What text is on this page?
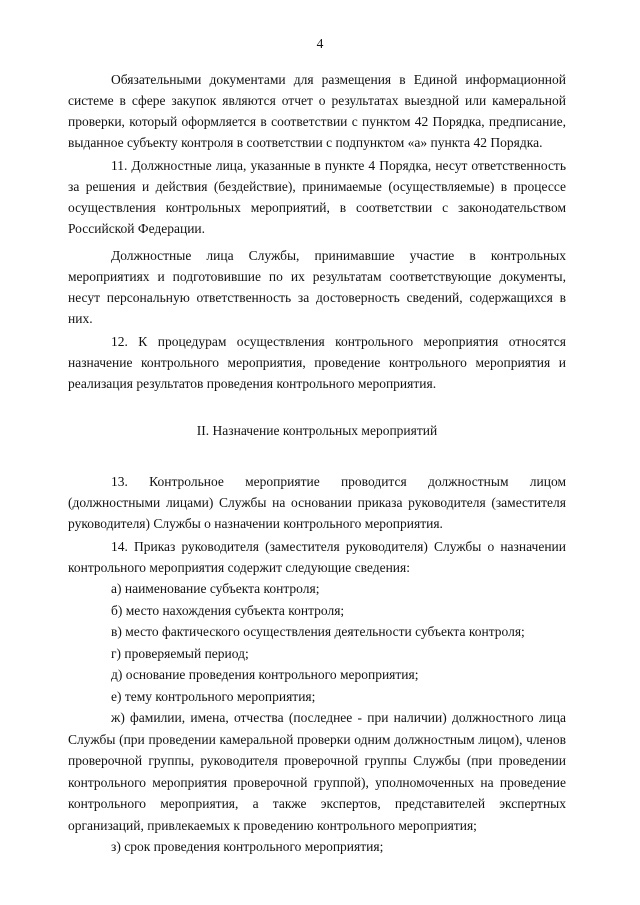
4

Обязательными документами для размещения в Единой информационной системе в сфере закупок являются отчет о результатах выездной или камеральной проверки, который оформляется в соответствии с пунктом 42 Порядка, предписание, выданное субъекту контроля в соответствии с подпунктом «а» пункта 42 Порядка.

11. Должностные лица, указанные в пункте 4 Порядка, несут ответственность за решения и действия (бездействие), принимаемые (осуществляемые) в процессе осуществления контрольных мероприятий, в соответствии с законодательством Российской Федерации.

Должностные лица Службы, принимавшие участие в контрольных мероприятиях и подготовившие по их результатам соответствующие документы, несут персональную ответственность за достоверность сведений, содержащихся в них.

12. К процедурам осуществления контрольного мероприятия относятся назначение контрольного мероприятия, проведение контрольного мероприятия и реализация результатов проведения контрольного мероприятия.

II. Назначение контрольных мероприятий

13. Контрольное мероприятие проводится должностным лицом (должностными лицами) Службы на основании приказа руководителя (заместителя руководителя) Службы о назначении контрольного мероприятия.

14. Приказ руководителя (заместителя руководителя) Службы о назначении контрольного мероприятия содержит следующие сведения:

а) наименование субъекта контроля;

б) место нахождения субъекта контроля;

в) место фактического осуществления деятельности субъекта контроля;

г) проверяемый период;

д) основание проведения контрольного мероприятия;

е) тему контрольного мероприятия;

ж) фамилии, имена, отчества (последнее - при наличии) должностного лица Службы (при проведении камеральной проверки одним должностным лицом), членов проверочной группы, руководителя проверочной группы Службы (при проведении контрольного мероприятия проверочной группой), уполномоченных на проведение контрольного мероприятия, а также экспертов, представителей экспертных организаций, привлекаемых к проведению контрольного мероприятия;

з) срок проведения контрольного мероприятия;
